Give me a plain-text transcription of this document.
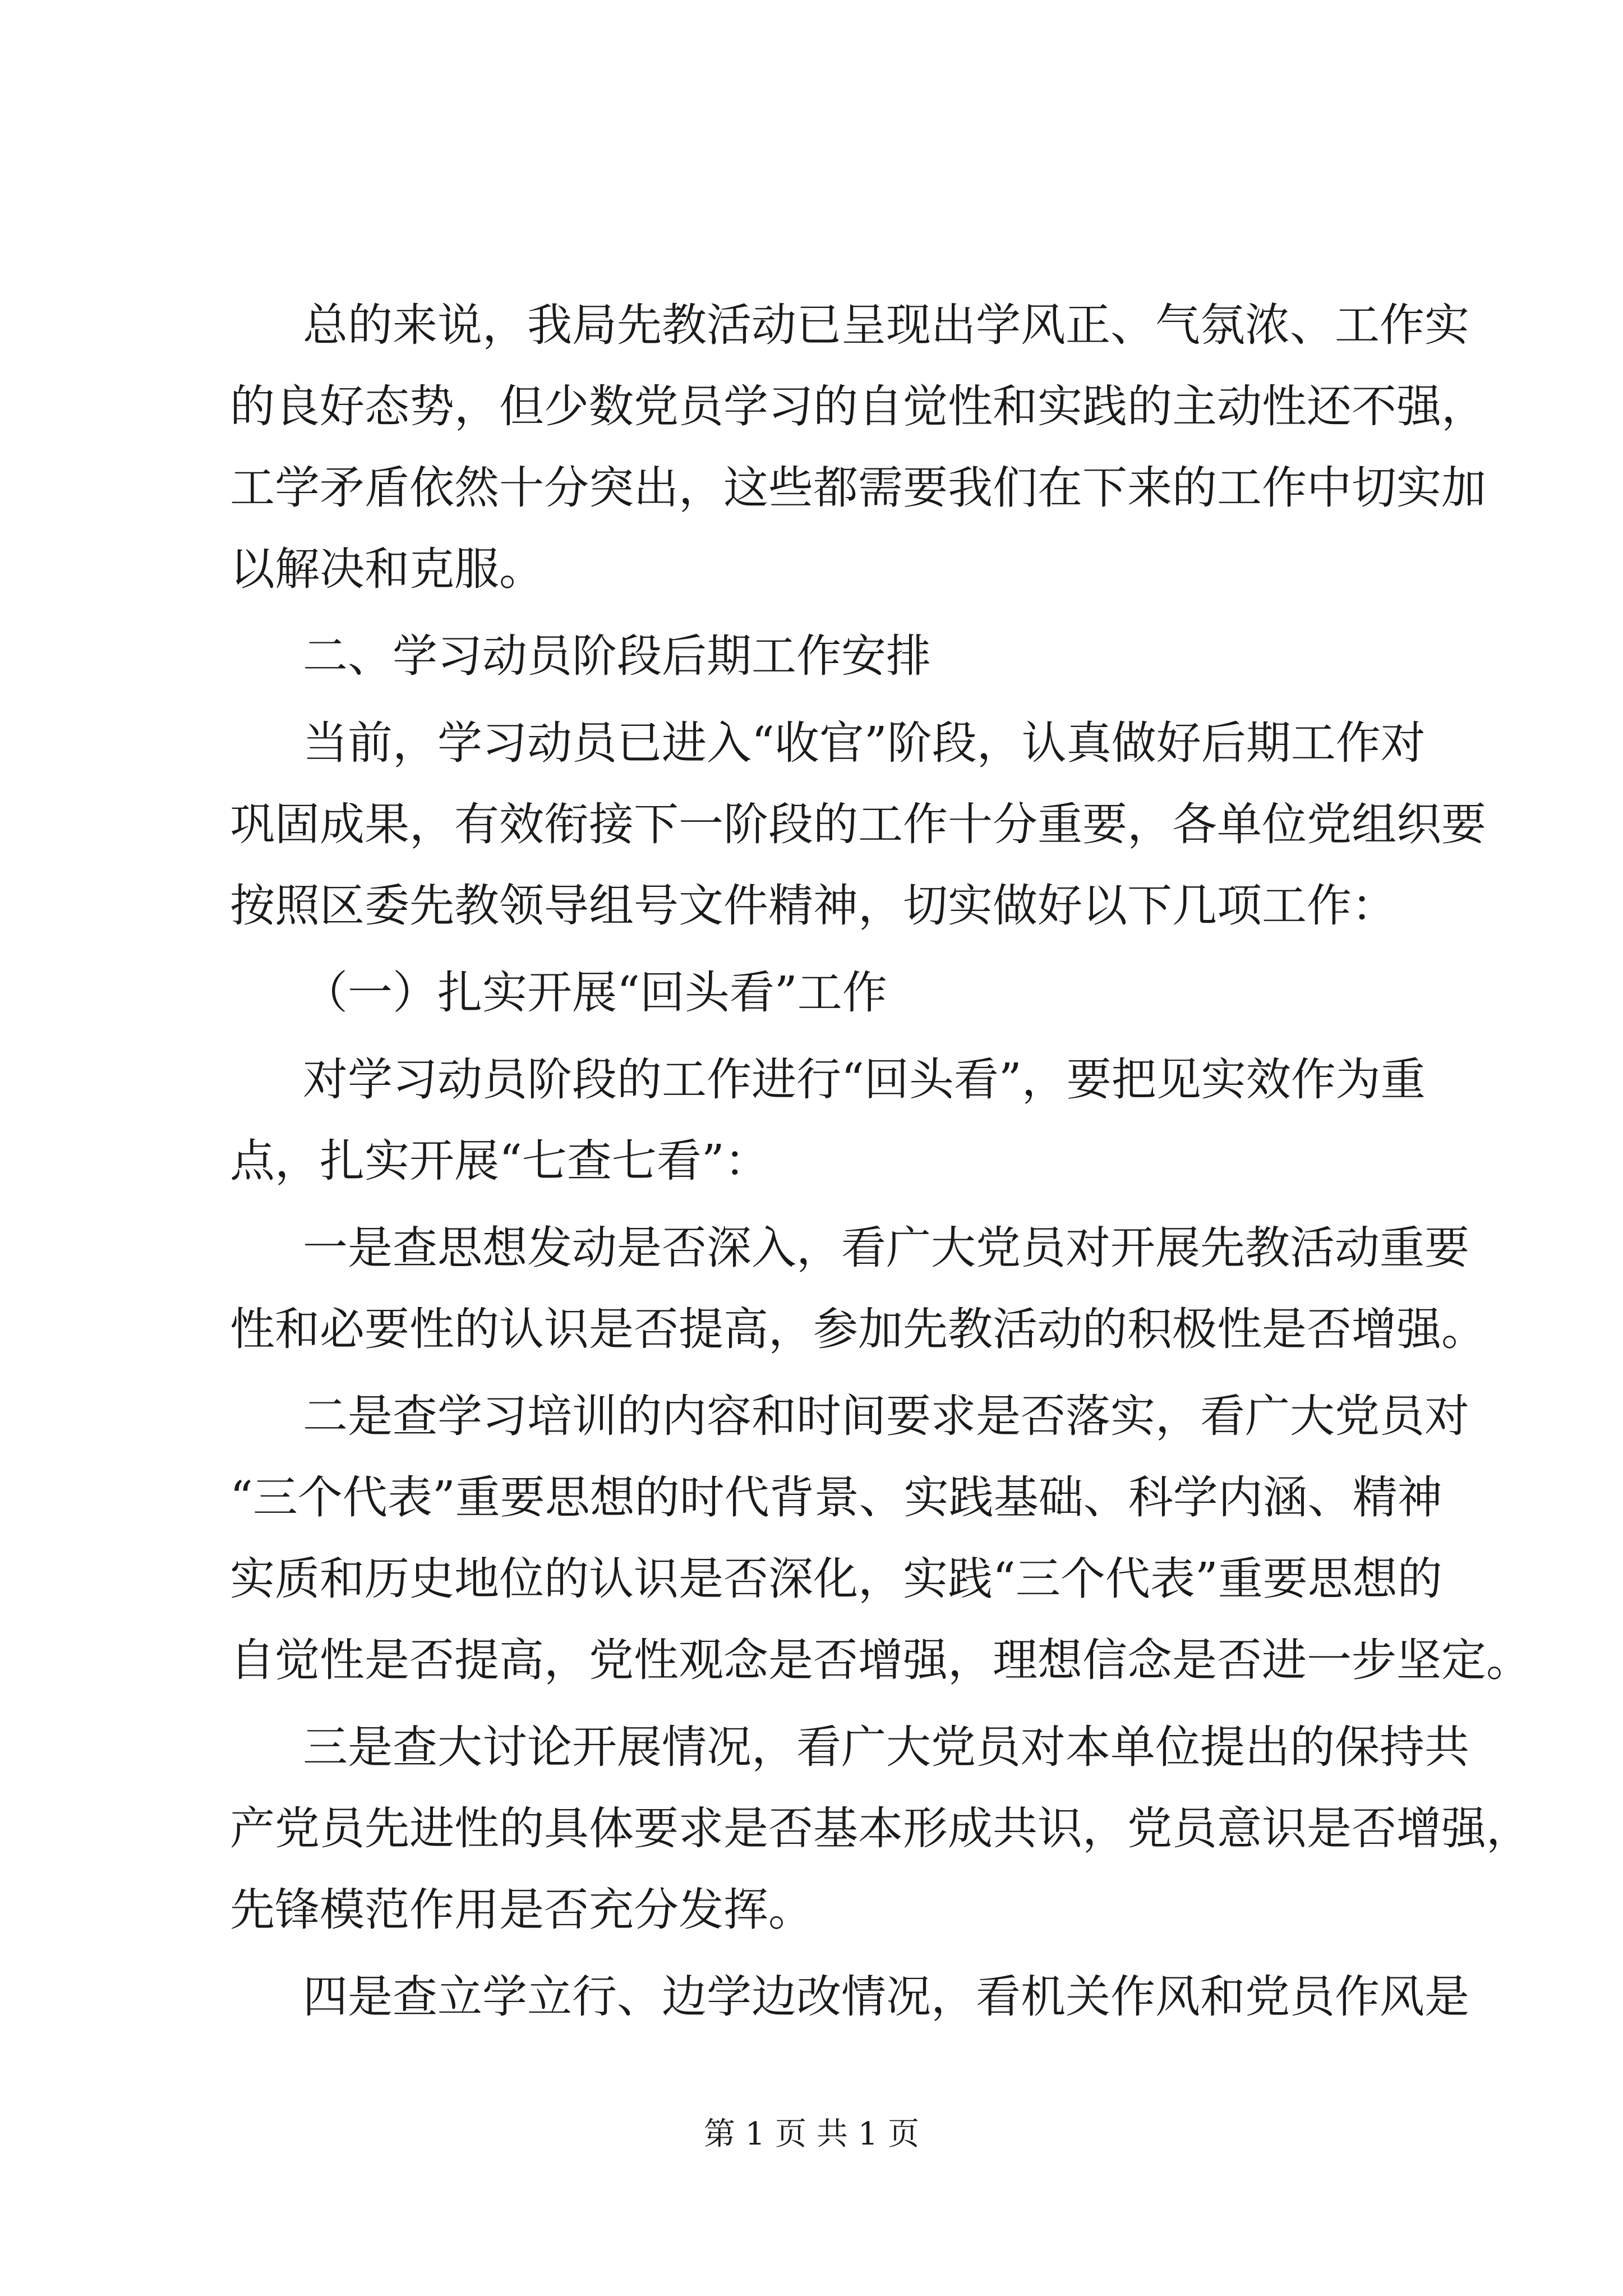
总的来说，我局先教活动已呈现出学风正、气氛浓、工作实
的良好态势，但少数党员学习的自觉性和实践的主动性还不强，
工学矛盾依然十分突出，这些都需要我们在下来的工作中切实加
以解决和克服。
二、学习动员阶段后期工作安排
当前，学习动员已进入“收官”阶段，认真做好后期工作对
巩固成果，有效衔接下一阶段的工作十分重要，各单位党组织要
按照区委先教领导组号文件精神，切实做好以下几项工作：
（一）扎实开展“回头看”工作
对学习动员阶段的工作进行“回头看”，要把见实效作为重
点，扎实开展“七查七看”：
一是查思想发动是否深入，看广大党员对开展先教活动重要
性和必要性的认识是否提高，参加先教活动的积极性是否增强。
二是查学习培训的内容和时间要求是否落实，看广大党员对
“三个代表”重要思想的时代背景、实践基础、科学内涵、精神
实质和历史地位的认识是否深化，实践“三个代表”重要思想的
自觉性是否提高，党性观念是否增强，理想信念是否进一步坚定。
三是查大讨论开展情况，看广大党员对本单位提出的保持共
产党员先进性的具体要求是否基本形成共识，党员意识是否增强，
先锋模范作用是否充分发挥。
四是查立学立行、边学边改情况，看机关作风和党员作风是
第 1 页 共 1 页
